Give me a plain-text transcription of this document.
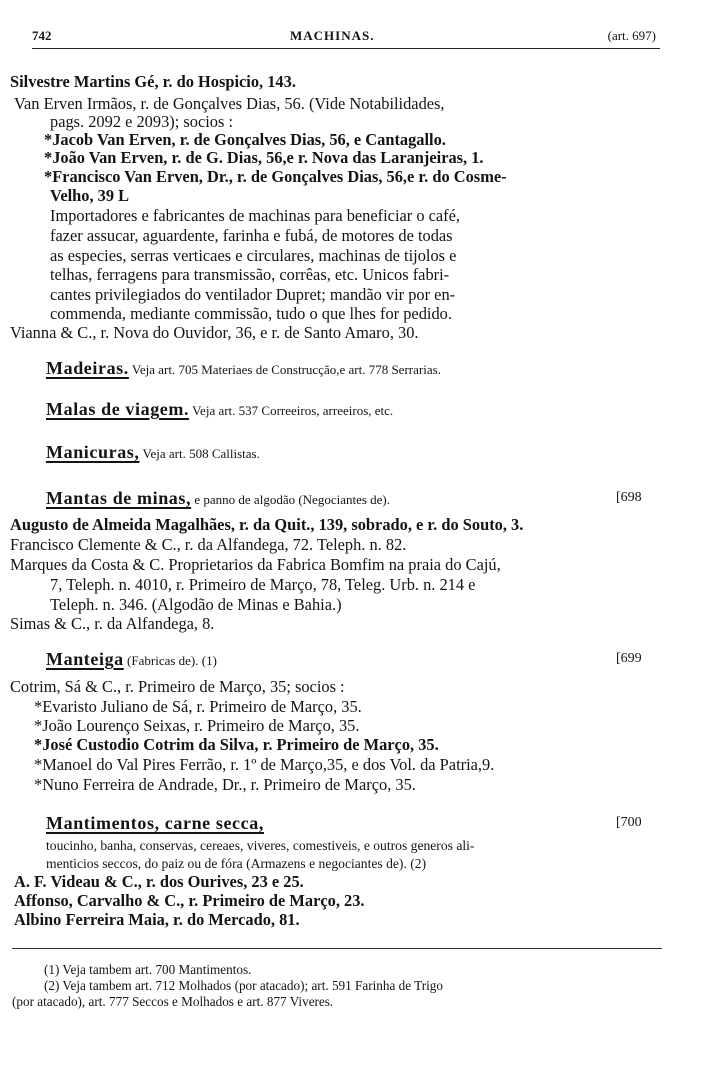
742	MACHINAS.	(art. 697)
Silvestre Martins Gé, r. do Hospicio, 143.
Van Erven Irmãos, r. de Gonçalves Dias, 56. (Vide Notabilidades,
pags. 2092 e 2093); socios :
*Jacob Van Erven, r. de Gonçalves Dias, 56, e Cantagallo.
*João Van Erven, r. de G. Dias, 56,e r. Nova das Laranjeiras, 1.
*Francisco Van Erven, Dr., r. de Gonçalves Dias, 56,e r. do Cosme-
Velho, 39 L
Importadores e fabricantes de machinas para beneficiar o café,
fazer assucar, aguardente, farinha e fubá, de motores de todas
as especies, serras verticaes e circulares, machinas de tijolos e
telhas, ferragens para transmissão, corrêas, etc. Unicos fabri-
cantes privilegiados do ventilador Dupret; mandão vir por en-
commenda, mediante commissão, tudo o que lhes for pedido.
Vianna & C., r. Nova do Ouvidor, 36, e r. de Santo Amaro, 30.
Madeiras. Veja art. 705 Materiaes de Construcção,e art. 778 Serrarias.
Malas de viagem. Veja art. 537 Correeiros, arreeiros, etc.
Manicuras, Veja art. 508 Callistas.
Mantas de minas, e panno de algodão (Negociantes de).	[698
Augusto de Almeida Magalhães, r. da Quit., 139, sobrado, e r. do Souto, 3.
Francisco Clemente & C., r. da Alfandega, 72. Teleph. n. 82.
Marques da Costa & C. Proprietarios da Fabrica Bomfim na praia do Cajú,
7, Teleph. n. 4010, r. Primeiro de Março, 78, Teleg. Urb. n. 214 e
Teleph. n. 346. (Algodão de Minas e Bahia.)
Simas & C., r. da Alfandega, 8.
Manteiga (Fabricas de). (1)	[699
Cotrim, Sá & C., r. Primeiro de Março, 35; socios :
*Evaristo Juliano de Sá, r. Primeiro de Março, 35.
*João Lourenço Seixas, r. Primeiro de Março, 35.
*José Custodio Cotrim da Silva, r. Primeiro de Março, 35.
*Manoel do Val Pires Ferrão, r. 1º de Março,35, e dos Vol. da Patria,9.
*Nuno Ferreira de Andrade, Dr., r. Primeiro de Março, 35.
Mantimentos, carne secca,	[700
toucinho, banha, conservas, cereaes, viveres, comestiveis, e outros generos ali-
menticios seccos, do paiz ou de fóra (Armazens e negociantes de). (2)
A. F. Videau & C., r. dos Ourives, 23 e 25.
Affonso, Carvalho & C., r. Primeiro de Março, 23.
Albino Ferreira Maia, r. do Mercado, 81.
(1) Veja tambem art. 700 Mantimentos.
(2) Veja tambem art. 712 Molhados (por atacado); art. 591 Farinha de Trigo
(por atacado), art. 777 Seccos e Molhados e art. 877 Viveres.
